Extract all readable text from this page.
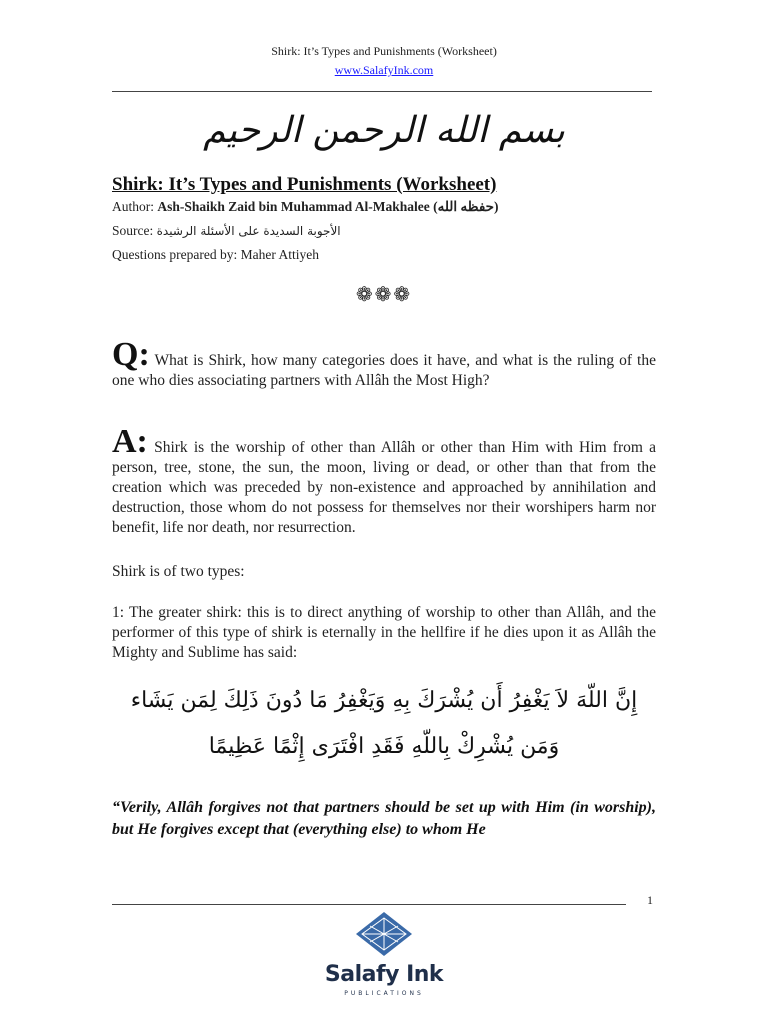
Shirk: It’s Types and Punishments (Worksheet)
www.SalafyInk.com
بسم الله الرحمن الرحيم
Shirk: It’s Types and Punishments (Worksheet)
Author: Ash-Shaikh Zaid bin Muhammad Al-Makhalee (حفظه الله)
Source: الأجوبة السديدة على الأسئلة الرشيدة
Questions prepared by: Maher Attiyeh
❁❁❁
Q: What is Shirk, how many categories does it have, and what is the ruling of the one who dies associating partners with Allâh the Most High?
A: Shirk is the worship of other than Allâh or other than Him with Him from a person, tree, stone, the sun, the moon, living or dead, or other than that from the creation which was preceded by non-existence and approached by annihilation and destruction, those whom do not possess for themselves nor their worshipers harm nor benefit, life nor death, nor resurrection.
Shirk is of two types:
1: The greater shirk: this is to direct anything of worship to other than Allâh, and the performer of this type of shirk is eternally in the hellfire if he dies upon it as Allâh the Mighty and Sublime has said:
إِنَّ اللّهَ لاَ يَغْفِرُ أَن يُشْرَكَ بِهِ وَيَغْفِرُ مَا دُونَ ذَلِكَ لِمَن يَشَاء
وَمَن يُشْرِكْ بِاللّهِ فَقَدِ افْتَرَى إِثْمًا عَظِيمًا
“Verily, Allâh forgives not that partners should be set up with Him (in worship), but He forgives except that (everything else) to whom He
1
Salafy Ink
PUBLICATIONS
